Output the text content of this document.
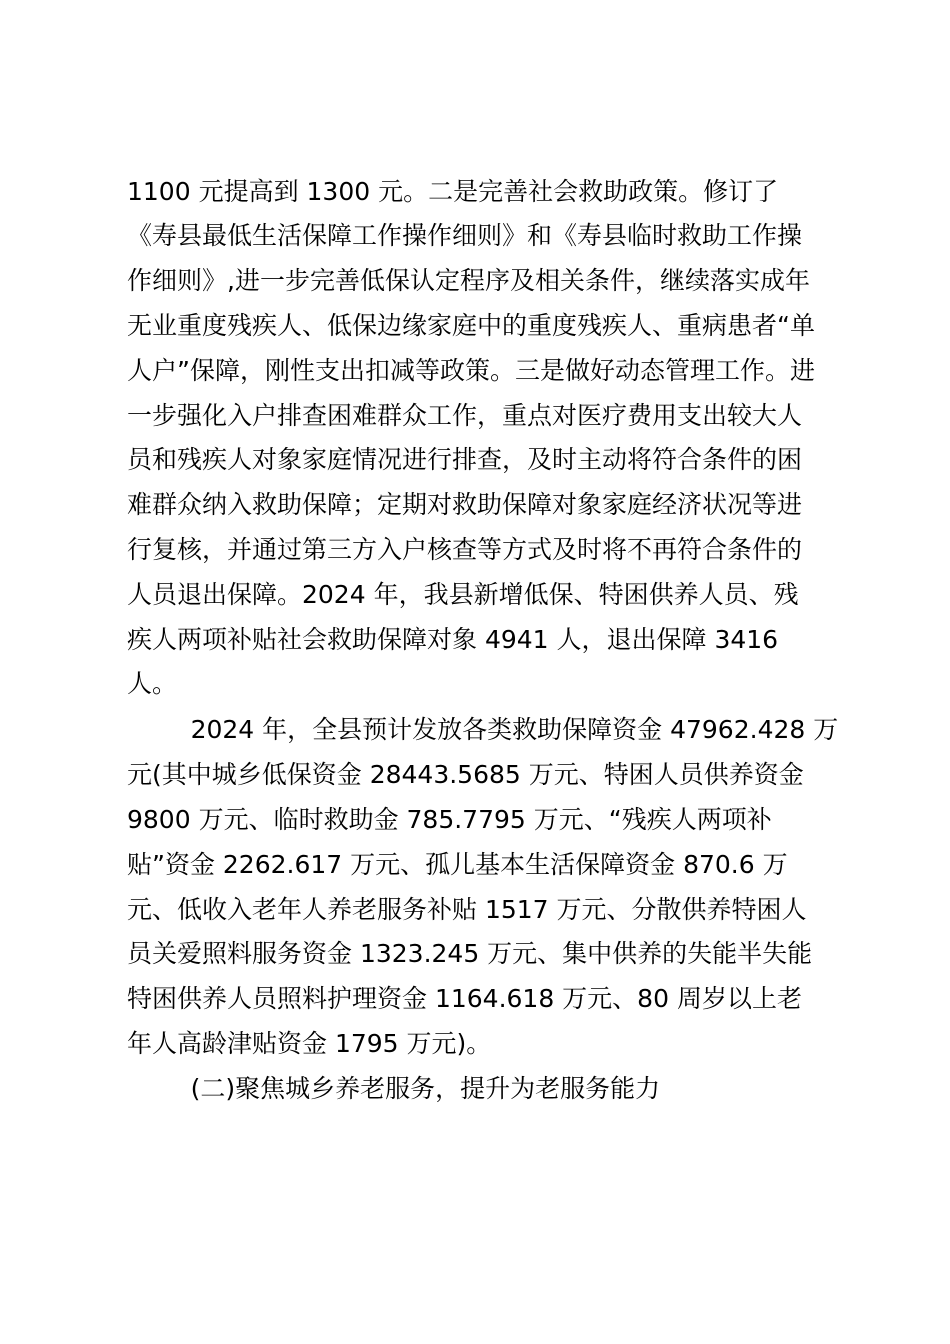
1100 元提高到 1300 元。二是完善社会救助政策。修订了
《寿县最低生活保障工作操作细则》和《寿县临时救助工作操
作细则》,进一步完善低保认定程序及相关条件，继续落实成年
无业重度残疾人、低保边缘家庭中的重度残疾人、重病患者“单
人户”保障，刚性支出扣减等政策。三是做好动态管理工作。进
一步强化入户排查困难群众工作，重点对医疗费用支出较大人
员和残疾人对象家庭情况进行排查，及时主动将符合条件的困
难群众纳入救助保障；定期对救助保障对象家庭经济状况等进
行复核，并通过第三方入户核查等方式及时将不再符合条件的
人员退出保障。2024 年，我县新增低保、特困供养人员、残
疾人两项补贴社会救助保障对象 4941 人，退出保障 3416
人。
2024 年，全县预计发放各类救助保障资金 47962.428 万
元(其中城乡低保资金 28443.5685 万元、特困人员供养资金
9800 万元、临时救助金 785.7795 万元、“残疾人两项补
贴”资金 2262.617 万元、孤儿基本生活保障资金 870.6 万
元、低收入老年人养老服务补贴 1517 万元、分散供养特困人
员关爱照料服务资金 1323.245 万元、集中供养的失能半失能
特困供养人员照料护理资金 1164.618 万元、80 周岁以上老
年人高龄津贴资金 1795 万元)。
(二)聚焦城乡养老服务，提升为老服务能力
